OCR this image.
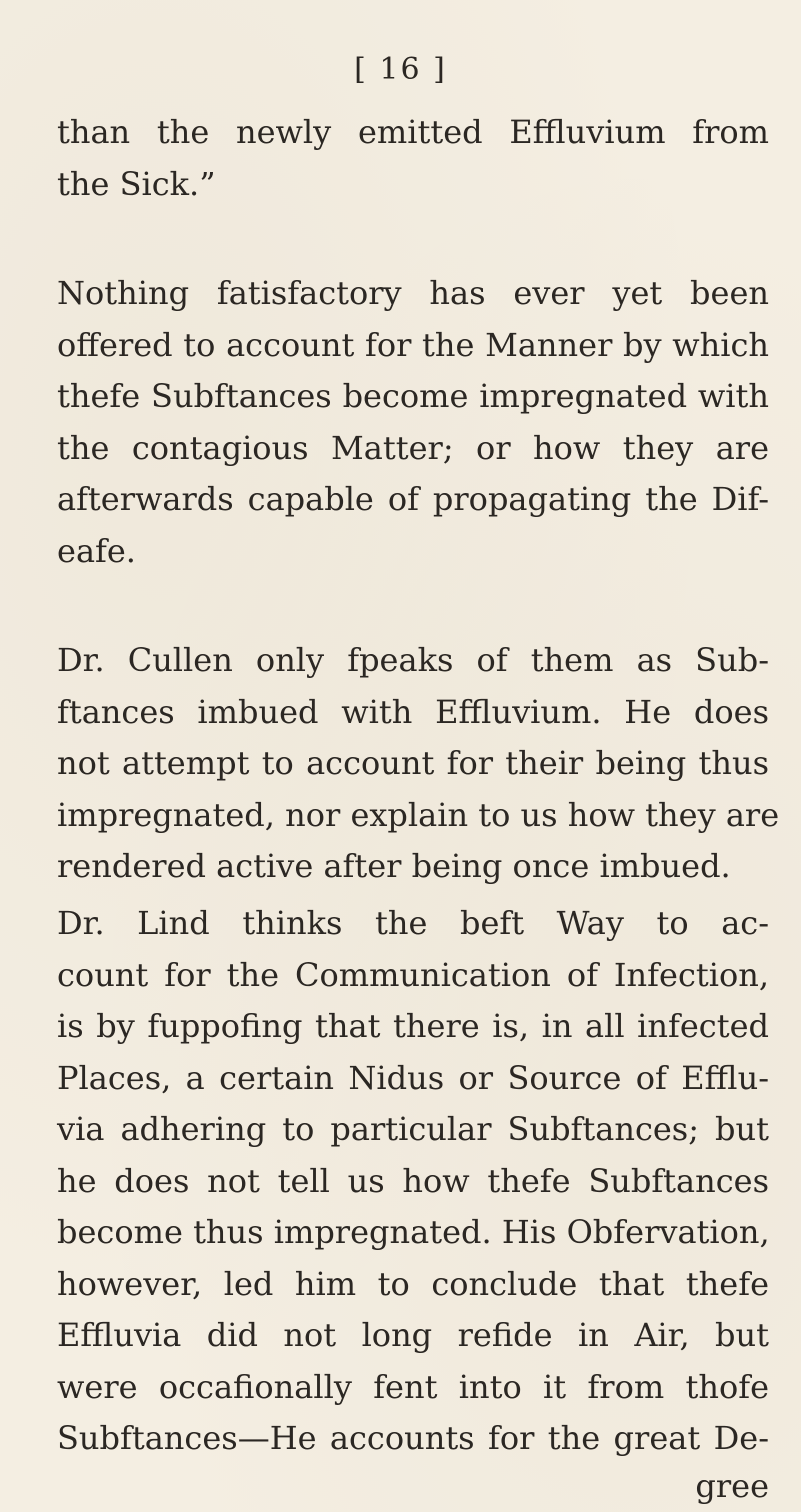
[ 16 ]
than the newly emitted Effluvium from
the Sick.”
Nothing fatisfactory has ever yet been
offered to account for the Manner by which
thefe Subftances become impregnated with
the contagious Matter; or how they are
afterwards capable of propagating the Dif-
eafe.
Dr. Cullen only fpeaks of them as Sub-
ftances imbued with Effluvium. He does
not attempt to account for their being thus
impregnated, nor explain to us how they are
rendered active after being once imbued.
Dr. Lind thinks the beft Way to ac-
count for the Communication of Infection,
is by fuppofing that there is, in all infected
Places, a certain Nidus or Source of Efflu-
via adhering to particular Subftances; but
he does not tell us how thefe Subftances
become thus impregnated. His Obfervation,
however, led him to conclude that thefe
Effluvia did not long refide in Air, but
were occafionally fent into it from thofe
Subftances—He accounts for the great De-
gree
